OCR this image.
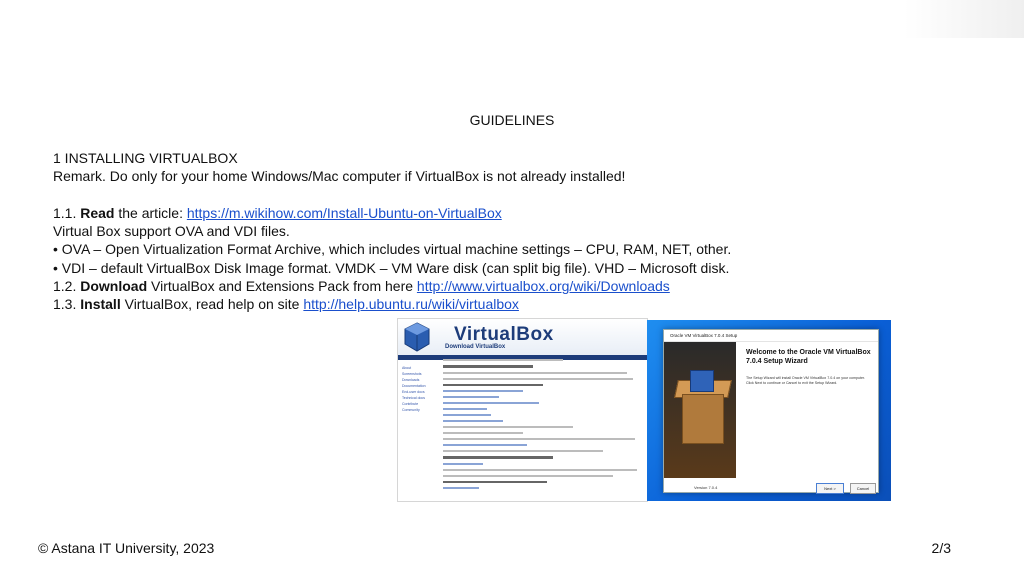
GUIDELINES
1 INSTALLING VIRTUALBOX
Remark. Do only for your home Windows/Mac computer if VirtualBox is not already installed!
1.1. Read the article: https://m.wikihow.com/Install-Ubuntu-on-VirtualBox
Virtual Box support OVA and VDI files.
• OVA – Open Virtualization Format Archive, which includes virtual machine settings – CPU, RAM, NET, other.
• VDI – default VirtualBox Disk Image format. VMDK – VM Ware disk (can split big file). VHD – Microsoft disk.
1.2. Download VirtualBox and Extensions Pack from here http://www.virtualbox.org/wiki/Downloads
1.3. Install VirtualBox, read help on site http://help.ubuntu.ru/wiki/virtualbox
VirtualBox
Download VirtualBox
About
Screenshots
Downloads
Documentation
End-user docs
Technical docs
Contribute
Community
Oracle VM VirtualBox 7.0.4 Setup
Welcome to the Oracle VM VirtualBox 7.0.4 Setup Wizard
The Setup Wizard will install Oracle VM VirtualBox 7.0.4 on your computer. Click Next to continue or Cancel to exit the Setup Wizard.
Version 7.0.4	Next >	Cancel
© Astana IT University, 2023	2/3
